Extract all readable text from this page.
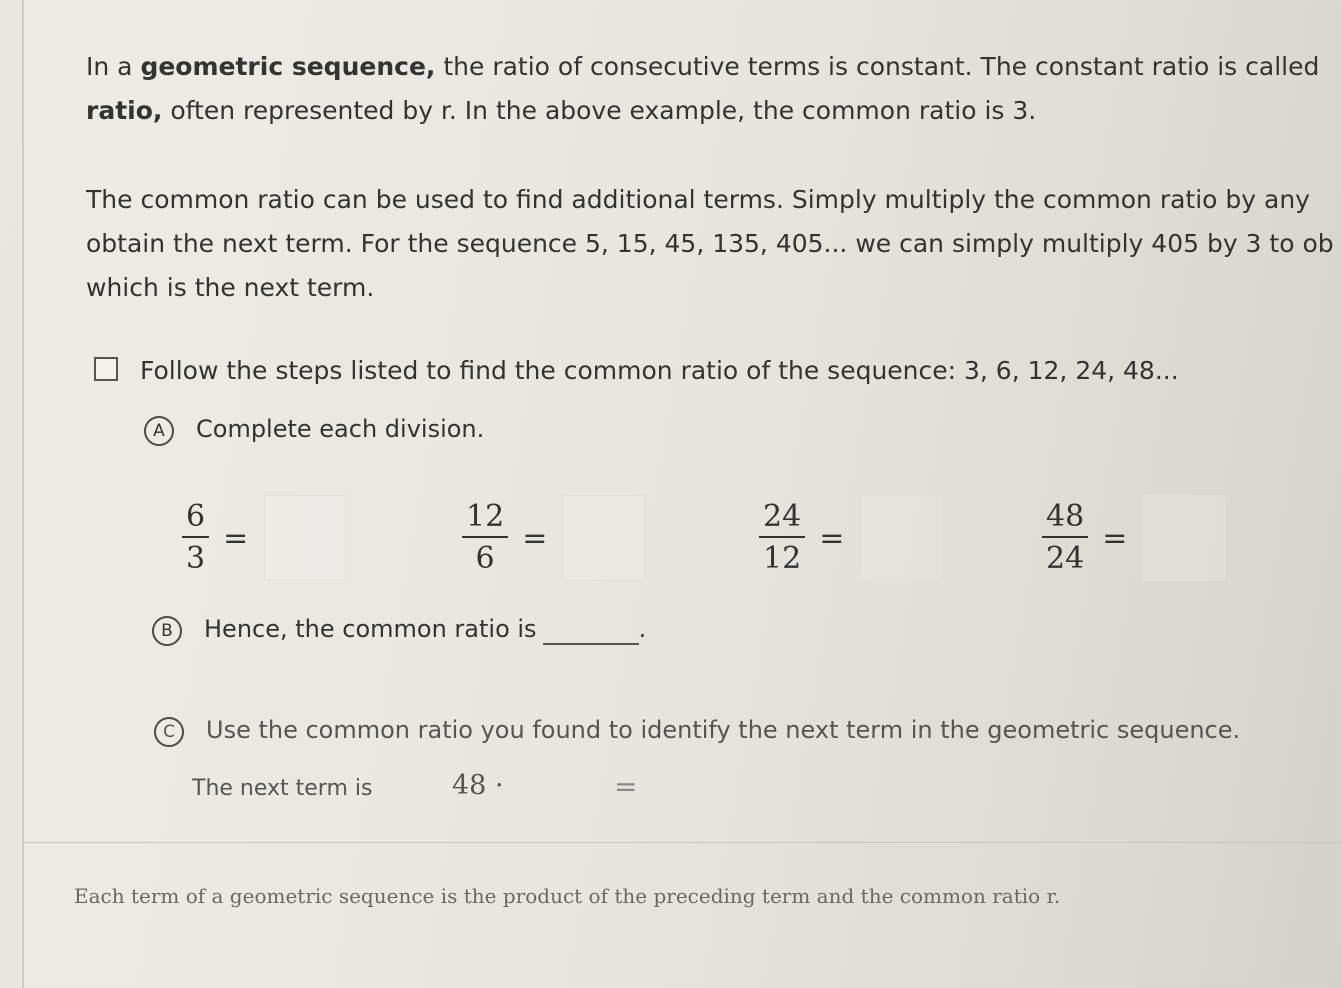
In a geometric sequence, the ratio of consecutive terms is constant. The constant ratio is called
ratio, often represented by r. In the above example, the common ratio is 3.
The common ratio can be used to find additional terms. Simply multiply the common ratio by any
obtain the next term. For the sequence 5, 15, 45, 135, 405... we can simply multiply 405 by 3 to ob
which is the next term.
Follow the steps listed to find the common ratio of the sequence: 3, 6, 12, 24, 48...
A Complete each division.
$\frac{6}{3}$ =	$\frac{12}{6}$ =	$\frac{24}{12}$ =	$\frac{48}{24}$ =
B Hence, the common ratio is	.
C Use the common ratio you found to identify the next term in the geometric sequence.
The next term is	48 ·	=
Each term of a geometric sequence is the product of the preceding term and the common ratio r.
